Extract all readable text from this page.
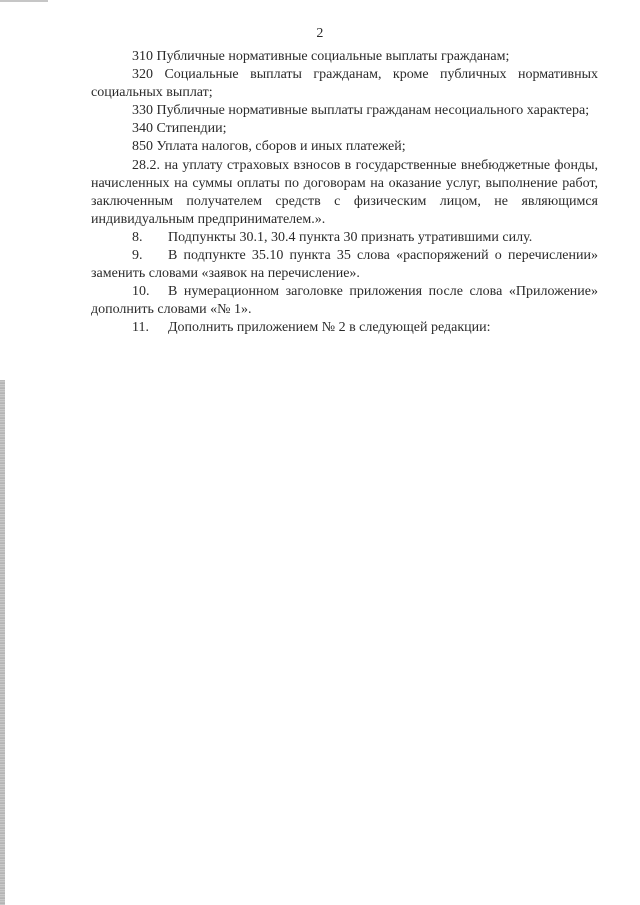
2

310 Публичные нормативные социальные выплаты гражданам;

320 Социальные выплаты гражданам, кроме публичных нормативных социальных выплат;

330 Публичные нормативные выплаты гражданам несоциального характера;

340 Стипендии;

850 Уплата налогов, сборов и иных платежей;

28.2. на уплату страховых взносов в государственные внебюджетные фонды, начисленных на суммы оплаты по договорам на оказание услуг, выполнение работ, заключенным получателем средств с физическим лицом, не являющимся индивидуальным предпринимателем.».

8. Подпункты 30.1, 30.4 пункта 30 признать утратившими силу.

9. В подпункте 35.10 пункта 35 слова «распоряжений о перечислении» заменить словами «заявок на перечисление».

10. В нумерационном заголовке приложения после слова «Приложение» дополнить словами «№ 1».

11. Дополнить приложением № 2 в следующей редакции:
